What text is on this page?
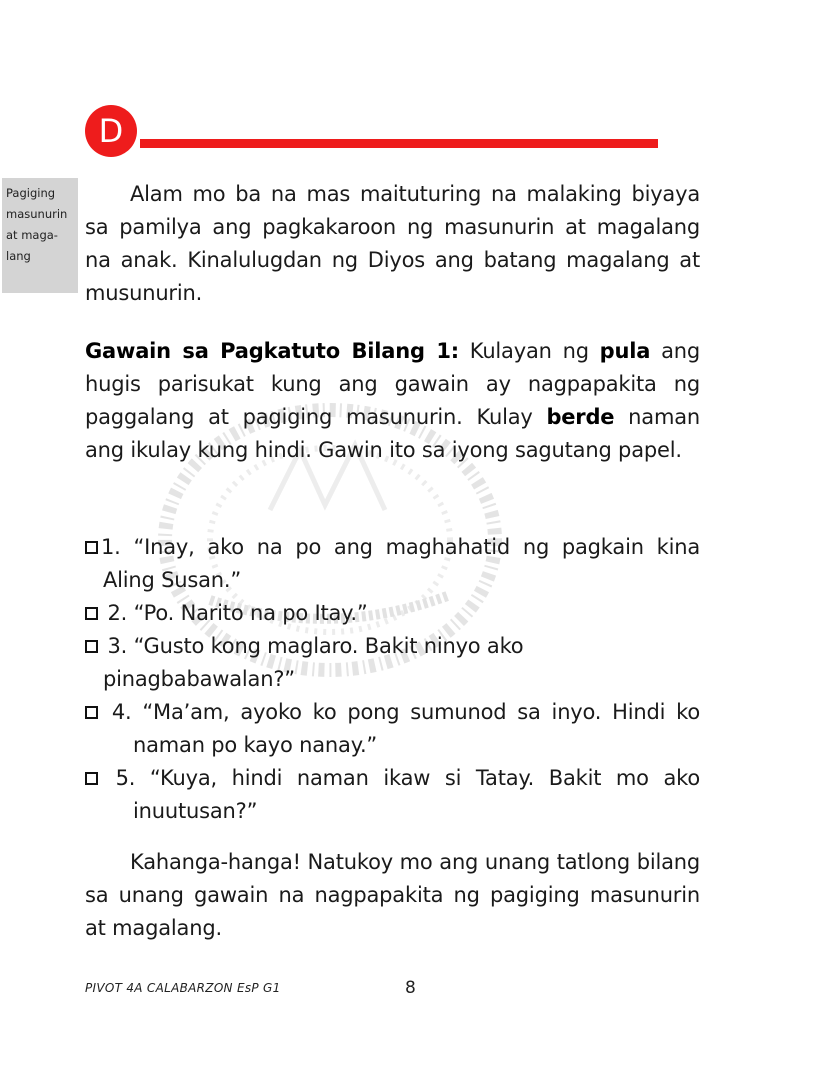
D
Pagiging
masunurin
at maga-
lang

Alam mo ba na mas maituturing na malaking biyaya sa pamilya ang pagkakaroon ng masunurin at magalang na anak. Kinalulugdan ng Diyos ang batang magalang at musunurin.

Gawain sa Pagkatuto Bilang 1: Kulayan ng pula ang hugis parisukat kung ang gawain ay nagpapakita ng paggalang at pagiging masunurin. Kulay berde naman ang ikulay kung hindi. Gawin ito sa iyong sagutang papel.

1. “Inay, ako na po ang maghahatid ng pagkain kina Aling Susan.”

2. “Po. Narito na po Itay.”

3. “Gusto kong maglaro. Bakit ninyo ako pinagbabawalan?”

4. “Ma’am, ayoko ko pong sumunod sa inyo. Hindi ko naman po kayo nanay.”

5. “Kuya, hindi naman ikaw si Tatay. Bakit mo ako inuutusan?”

Kahanga-hanga! Natukoy mo ang unang tatlong bilang sa unang gawain na nagpapakita ng pagiging masunurin at magalang.

PIVOT 4A CALABARZON EsP G1	8
